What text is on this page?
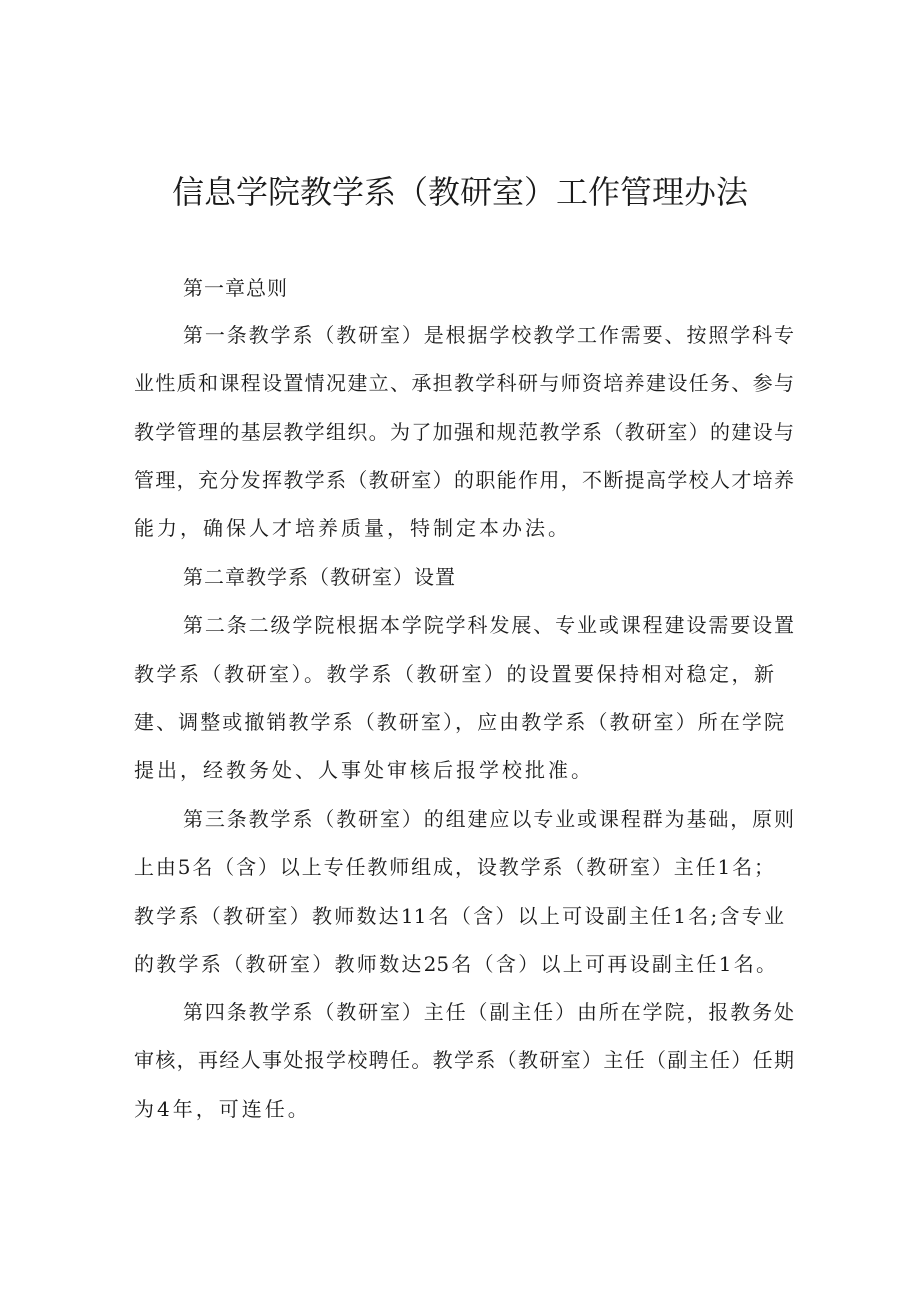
信息学院教学系（教研室）工作管理办法

第一章总则

第一条教学系（教研室）是根据学校教学工作需要、按照学科专

业性质和课程设置情况建立、承担教学科研与师资培养建设任务、参与

教学管理的基层教学组织。为了加强和规范教学系（教研室）的建设与

管理，充分发挥教学系（教研室）的职能作用，不断提高学校人才培养

能力，确保人才培养质量，特制定本办法。

第二章教学系（教研室）设置

第二条二级学院根据本学院学科发展、专业或课程建设需要设置

教学系（教研室）。教学系（教研室）的设置要保持相对稳定，新

建、调整或撤销教学系（教研室），应由教学系（教研室）所在学院

提出，经教务处、人事处审核后报学校批准。

第三条教学系（教研室）的组建应以专业或课程群为基础，原则

上由5名（含）以上专任教师组成，设教学系（教研室）主任1名；

教学系（教研室）教师数达11名（含）以上可设副主任1名;含专业

的教学系（教研室）教师数达25名（含）以上可再设副主任1名。

第四条教学系（教研室）主任（副主任）由所在学院，报教务处

审核，再经人事处报学校聘任。教学系（教研室）主任（副主任）任期

为4年，可连任。
